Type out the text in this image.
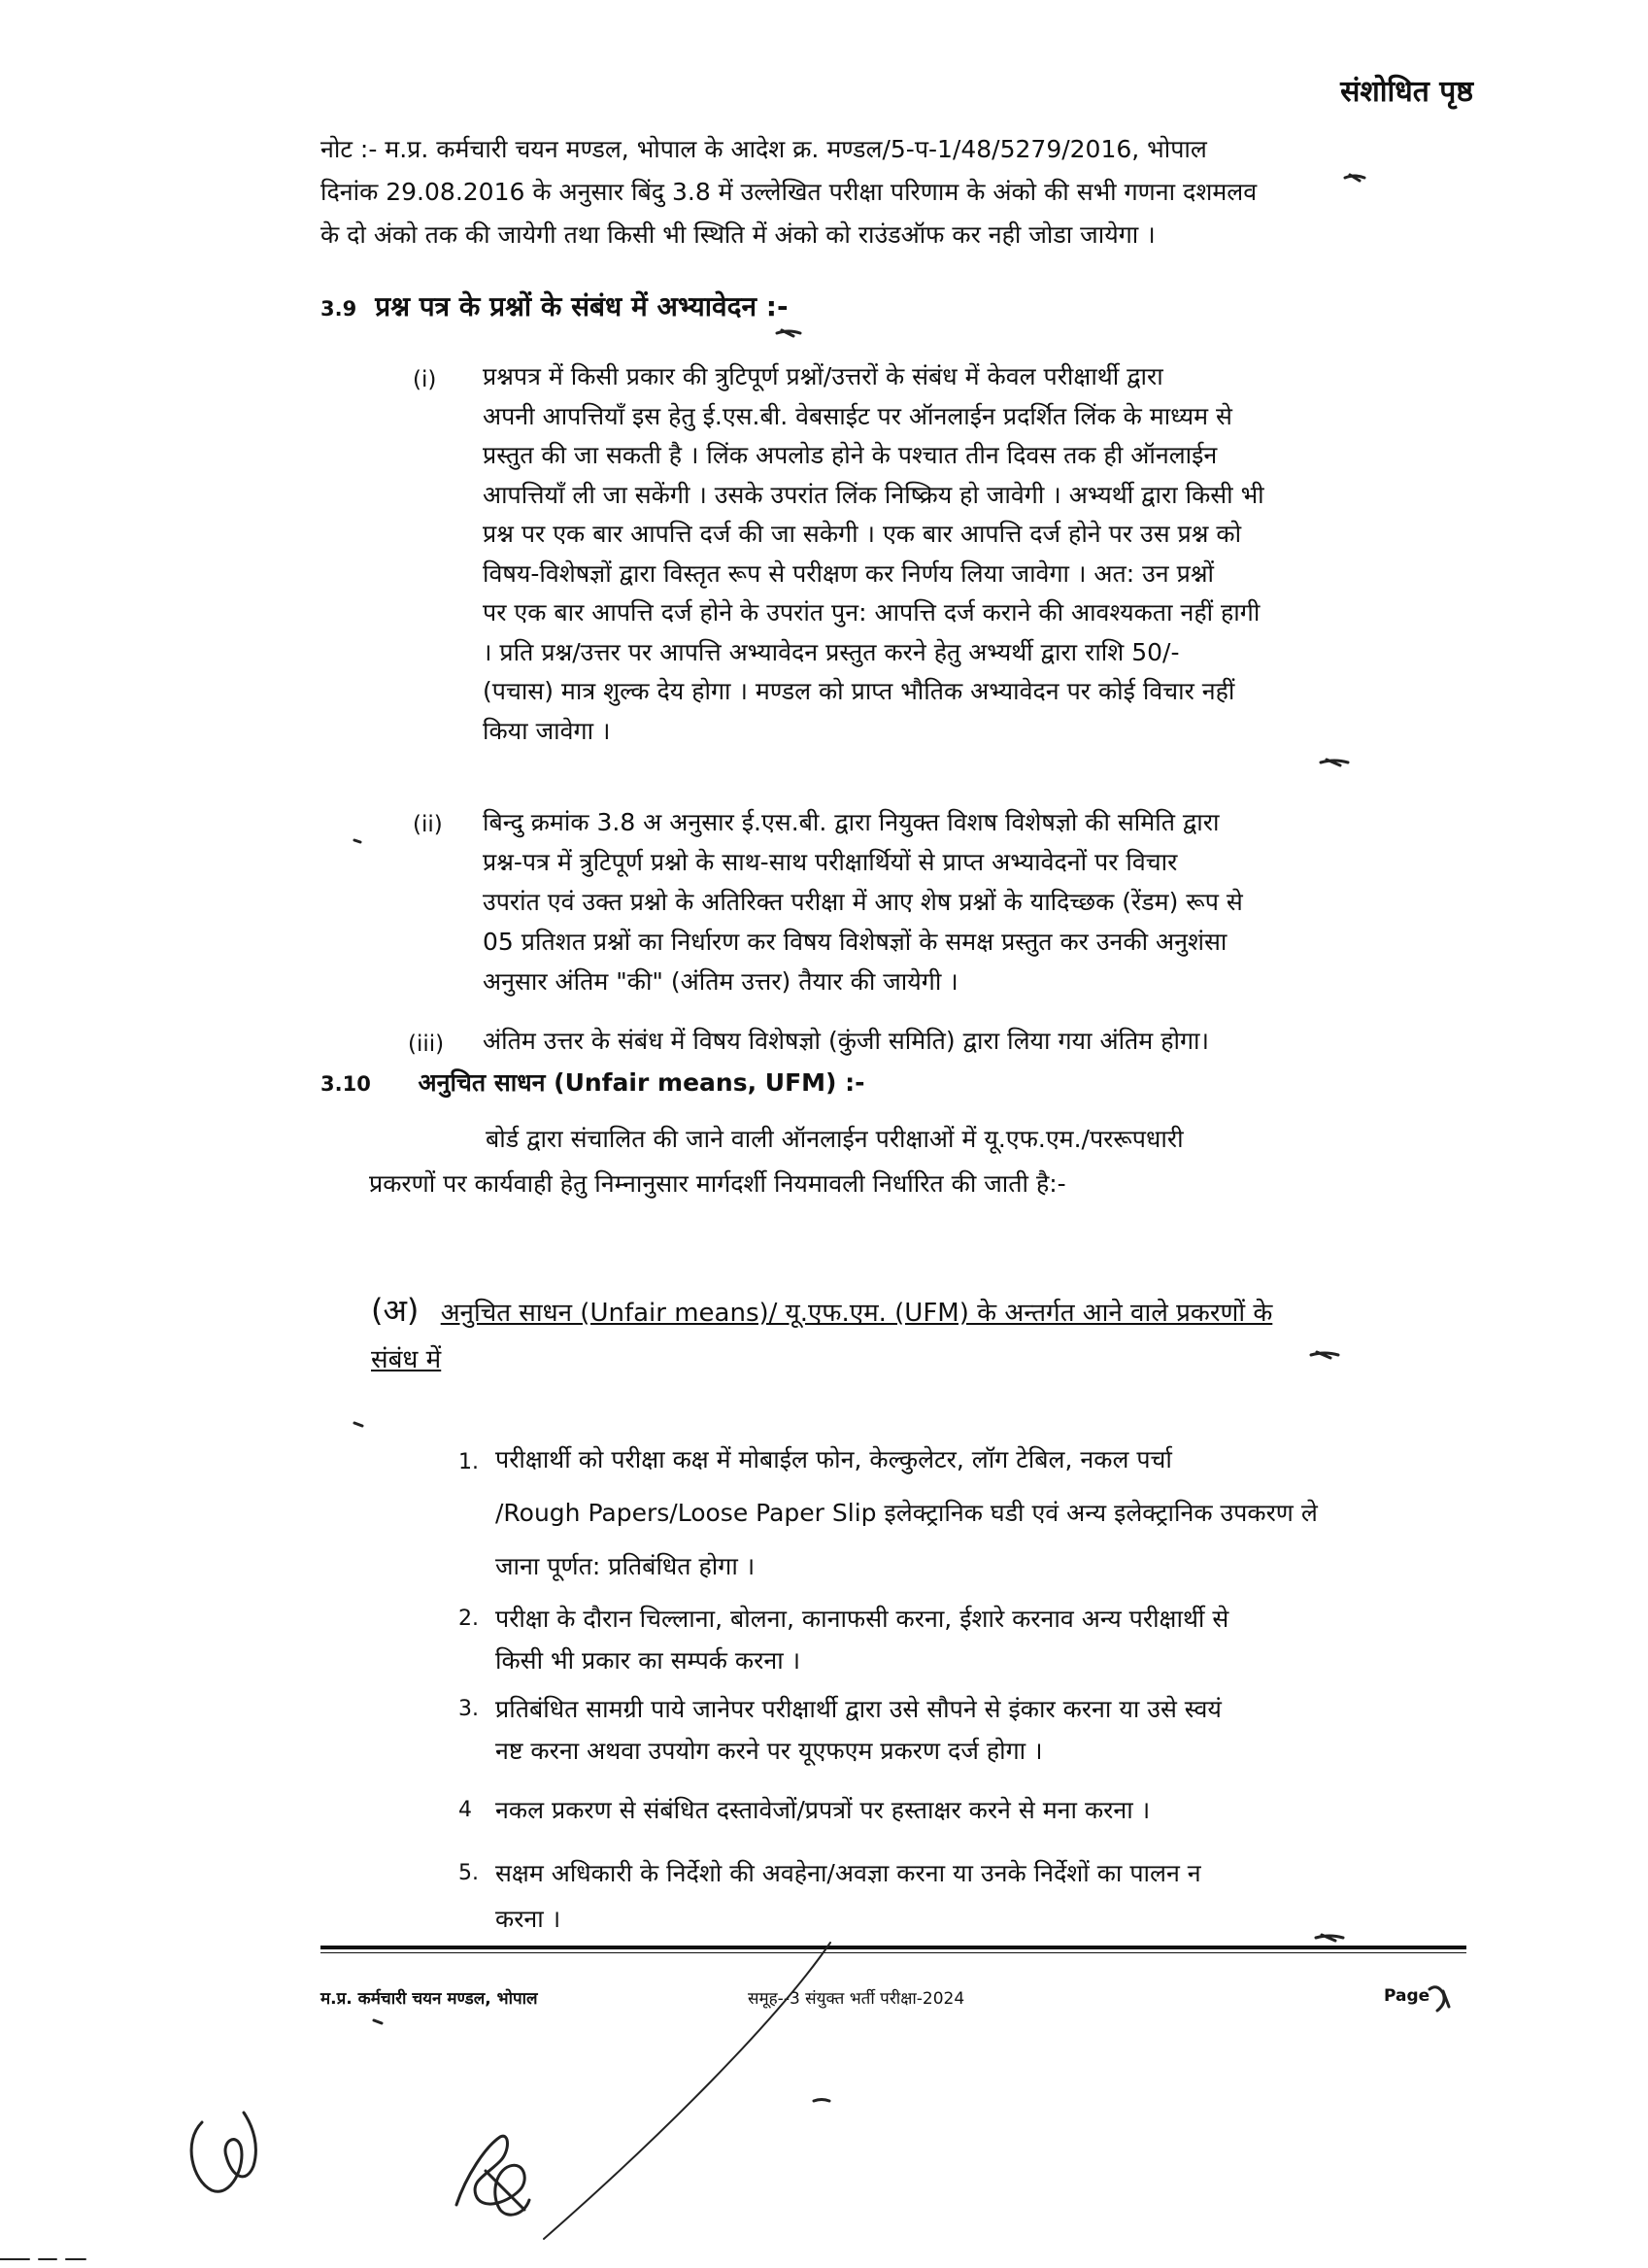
संशोधित पृष्ठ
नोट :- म.प्र. कर्मचारी चयन मण्डल, भोपाल के आदेश क्र. मण्डल/5-प-1/48/5279/2016, भोपाल
दिनांक 29.08.2016 के अनुसार बिंदु 3.8 में उल्लेखित परीक्षा परिणाम के अंको की सभी गणना दशमलव
के दो अंको तक की जायेगी तथा किसी भी स्थिति में अंको को राउंडऑफ कर नही जोडा जायेगा ।
3.9 प्रश्न पत्र के प्रश्नों के संबंध में अभ्यावेदन :-
(i) प्रश्नपत्र में किसी प्रकार की त्रुटिपूर्ण प्रश्नों/उत्तरों के संबंध में केवल परीक्षार्थी द्वारा
अपनी आपत्तियाँ इस हेतु ई.एस.बी. वेबसाईट पर ऑनलाईन प्रदर्शित लिंक के माध्यम से
प्रस्तुत की जा सकती है । लिंक अपलोड होने के पश्चात तीन दिवस तक ही ऑनलाईन
आपत्तियाँ ली जा सकेंगी । उसके उपरांत लिंक निष्क्रिय हो जावेगी । अभ्यर्थी द्वारा किसी भी
प्रश्न पर एक बार आपत्ति दर्ज की जा सकेगी । एक बार आपत्ति दर्ज होने पर उस प्रश्न को
विषय-विशेषज्ञों द्वारा विस्तृत रूप से परीक्षण कर निर्णय लिया जावेगा । अत: उन प्रश्नों
पर एक बार आपत्ति दर्ज होने के उपरांत पुन: आपत्ति दर्ज कराने की आवश्यकता नहीं हागी
। प्रति प्रश्न/उत्तर पर आपत्ति अभ्यावेदन प्रस्तुत करने हेतु अभ्यर्थी द्वारा राशि 50/-
(पचास) मात्र शुल्क देय होगा । मण्डल को प्राप्त भौतिक अभ्यावेदन पर कोई विचार नहीं
किया जावेगा ।
(ii) बिन्दु क्रमांक 3.8 अ अनुसार ई.एस.बी. द्वारा नियुक्त विशष विशेषज्ञो की समिति द्वारा
प्रश्न-पत्र में त्रुटिपूर्ण प्रश्नो के साथ-साथ परीक्षार्थियों से प्राप्त अभ्यावेदनों पर विचार
उपरांत एवं उक्त प्रश्नो के अतिरिक्त परीक्षा में आए शेष प्रश्नों के यादिच्छक (रेंडम) रूप से
05 प्रतिशत प्रश्नों का निर्धारण कर विषय विशेषज्ञों के समक्ष प्रस्तुत कर उनकी अनुशंसा
अनुसार अंतिम "की" (अंतिम उत्तर) तैयार की जायेगी ।
(iii) अंतिम उत्तर के संबंध में विषय विशेषज्ञो (कुंजी समिति) द्वारा लिया गया अंतिम होगा।
3.10 अनुचित साधन (Unfair means, UFM) :-
बोर्ड द्वारा संचालित की जाने वाली ऑनलाईन परीक्षाओं में यू.एफ.एम./पररूपधारी
प्रकरणों पर कार्यवाही हेतु निम्नानुसार मार्गदर्शी नियमावली निर्धारित की जाती है:-
(अ) अनुचित साधन (Unfair means)/ यू.एफ.एम. (UFM) के अन्तर्गत आने वाले प्रकरणों के
संबंध में
1. परीक्षार्थी को परीक्षा कक्ष में मोबाईल फोन, केल्कुलेटर, लॉग टेबिल, नकल पर्चा
/Rough Papers/Loose Paper Slip इलेक्ट्रानिक घडी एवं अन्य इलेक्ट्रानिक उपकरण ले
जाना पूर्णत: प्रतिबंधित होगा ।
2. परीक्षा के दौरान चिल्लाना, बोलना, कानाफसी करना, ईशारे करनाव अन्य परीक्षार्थी से
किसी भी प्रकार का सम्पर्क करना ।
3. प्रतिबंधित सामग्री पाये जानेपर परीक्षार्थी द्वारा उसे सौपने से इंकार करना या उसे स्वयं
नष्ट करना अथवा उपयोग करने पर यूएफएम प्रकरण दर्ज होगा ।
4 नकल प्रकरण से संबंधित दस्तावेजों/प्रपत्रों पर हस्ताक्षर करने से मना करना ।
5. सक्षम अधिकारी के निर्देशो की अवहेना/अवज्ञा करना या उनके निर्देशों का पालन न
करना ।
म.प्र. कर्मचारी चयन मण्डल, भोपाल	समूह--3 संयुक्त भर्ती परीक्षा-2024	Page
